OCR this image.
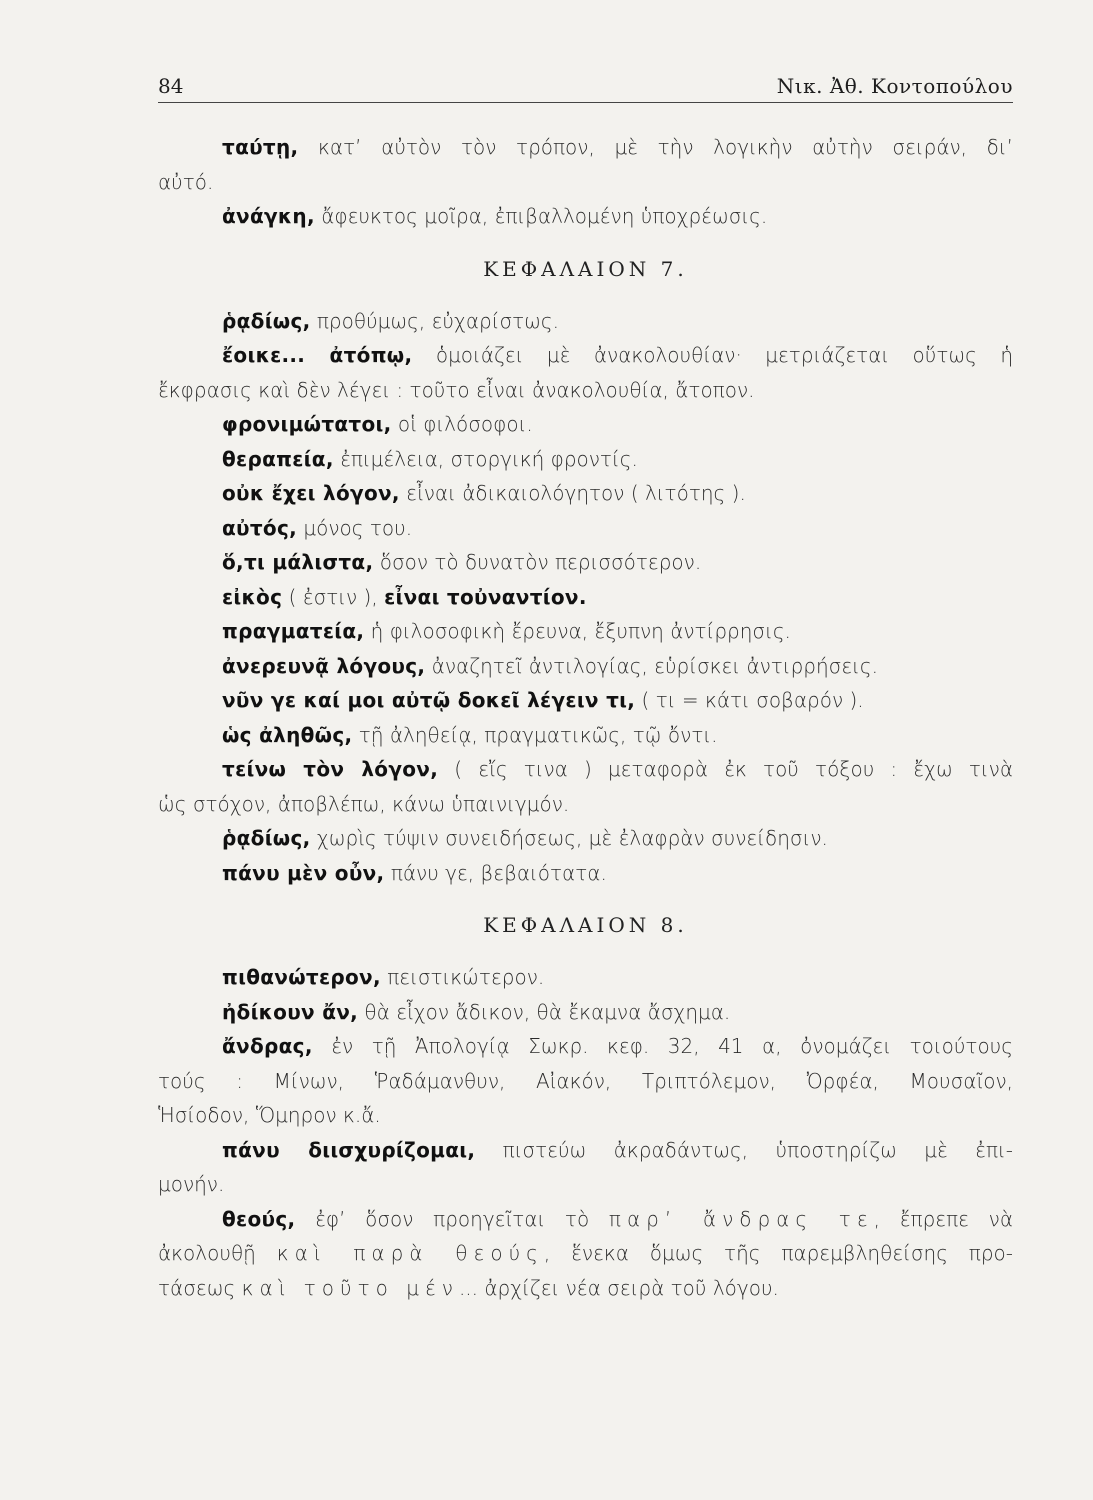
84	Νικ. Ἀθ. Κοντοπούλου
ταύτῃ, κατ’ αὐτὸν τὸν τρόπον, μὲ τὴν λογικὴν αὐτὴν σειράν, δι’
αὐτό.
ἀνάγκη, ἄφευκτος μοῖρα, ἐπιβαλλομένη ὑποχρέωσις.
ΚΕΦΑΛΑΙΟΝ 7.
ῥᾳδίως, προθύμως, εὐχαρίστως.
ἔοικε... ἀτόπῳ, ὁμοιάζει μὲ ἀνακολουθίαν· μετριάζεται οὕτως ἡ
ἔκφρασις καὶ δὲν λέγει : τοῦτο εἶναι ἀνακολουθία, ἄτοπον.
φρονιμώτατοι, οἱ φιλόσοφοι.
θεραπεία, ἐπιμέλεια, στοργική φροντίς.
οὐκ ἔχει λόγον, εἶναι ἀδικαιολόγητον ( λιτότης ).
αὐτός, μόνος του.
ὅ,τι μάλιστα, ὅσον τὸ δυνατὸν περισσότερον.
εἰκὸς ( ἐστιν ), εἶναι τοὐναντίον.
πραγματεία, ἡ φιλοσοφικὴ ἔρευνα, ἔξυπνη ἀντίρρησις.
ἀνερευνᾷ λόγους, ἀναζητεῖ ἀντιλογίας, εὑρίσκει ἀντιρρήσεις.
νῦν γε καί μοι αὐτῷ δοκεῖ λέγειν τι, ( τι = κάτι σοβαρόν ).
ὡς ἀληθῶς, τῇ ἀληθείᾳ, πραγματικῶς, τῷ ὄντι.
τείνω τὸν λόγον, ( εἴς τινα ) μεταφορὰ ἐκ τοῦ τόξου : ἔχω τινὰ
ὡς στόχον, ἀποβλέπω, κάνω ὑπαινιγμόν.
ῥᾳδίως, χωρὶς τύψιν συνειδήσεως, μὲ ἐλαφρὰν συνείδησιν.
πάνυ μὲν οὖν, πάνυ γε, βεβαιότατα.
ΚΕΦΑΛΑΙΟΝ 8.
πιθανώτερον, πειστικώτερον.
ἠδίκουν ἄν, θὰ εἶχον ἄδικον, θὰ ἔκαμνα ἄσχημα.
ἄνδρας, ἐν τῇ Ἀπολογίᾳ Σωκρ. κεφ. 32, 41 α, ὀνομάζει τοιούτους
τούς : Μίνων, Ῥαδάμανθυν, Αἰακόν, Τριπτόλεμον, Ὀρφέα, Μουσαῖον,
Ἡσίοδον, Ὅμηρον κ.ἄ.
πάνυ διισχυρίζομαι, πιστεύω ἀκραδάντως, ὑποστηρίζω μὲ ἐπι-
μονήν.
θεούς, ἐφ’ ὅσον προηγεῖται τὸ παρ’ ἄνδρας τε, ἔπρεπε νὰ
ἀκολουθῇ καὶ παρὰ θεούς, ἕνεκα ὅμως τῆς παρεμβληθείσης προ-
τάσεως καὶ τοῦτο μέν... ἀρχίζει νέα σειρὰ τοῦ λόγου.
